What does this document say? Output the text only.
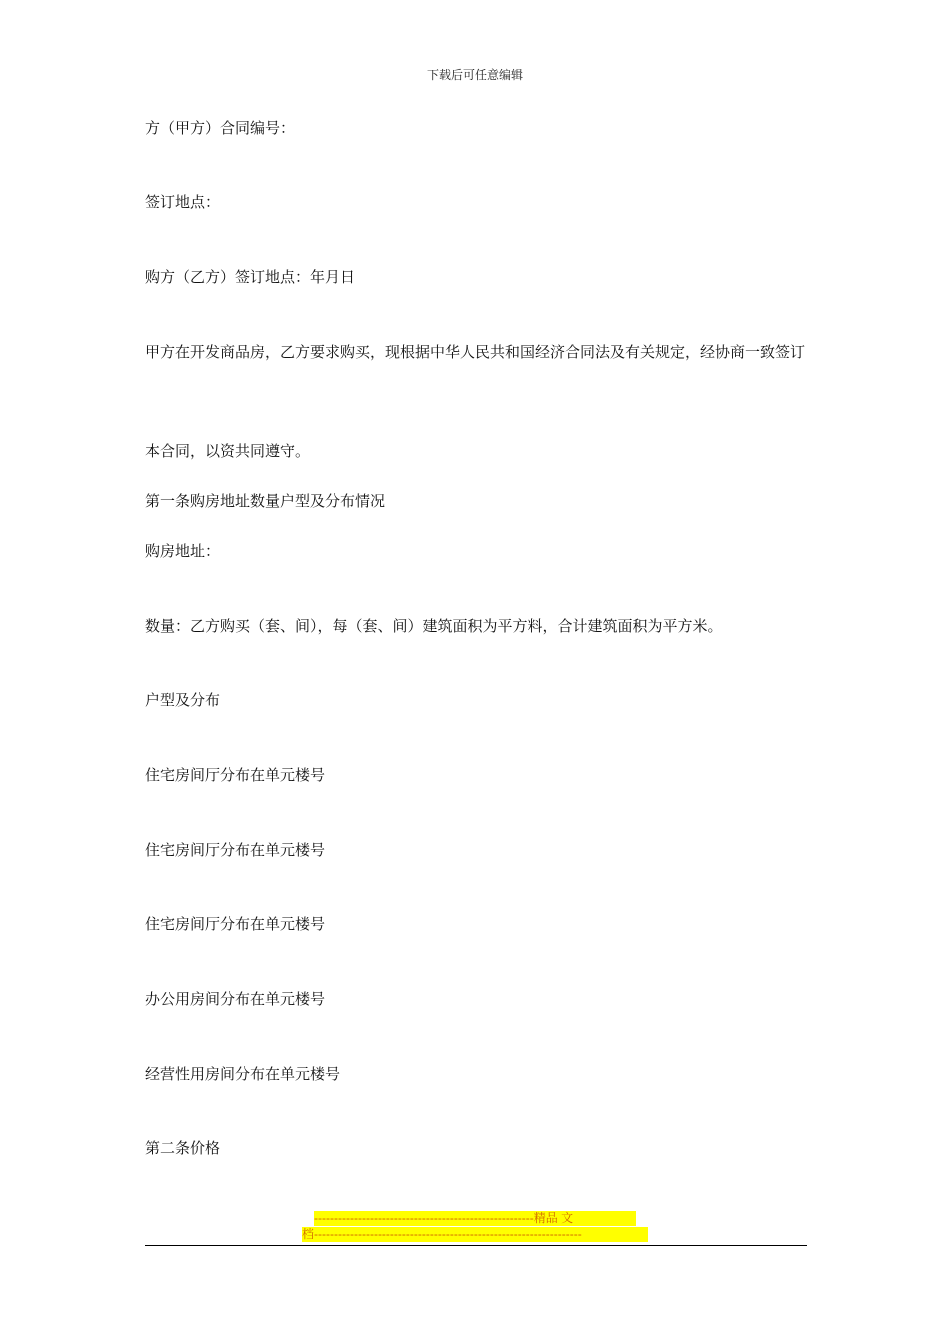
下载后可任意编辑
方（甲方）合同编号：
签订地点：
购方（乙方）签订地点：年月日
甲方在开发商品房，乙方要求购买，现根据中华人民共和国经济合同法及有关规定，经协商一致签订
本合同，以资共同遵守。
第一条购房地址数量户型及分布情况
购房地址：
数量：乙方购买（套、间），每（套、间）建筑面积为平方料，合计建筑面积为平方米。
户型及分布
住宅房间厅分布在单元楼号
住宅房间厅分布在单元楼号
住宅房间厅分布在单元楼号
办公用房间分布在单元楼号
经营性用房间分布在单元楼号
第二条价格
-------------------------------------------------------精品 文
档-------------------------------------------------------------------
